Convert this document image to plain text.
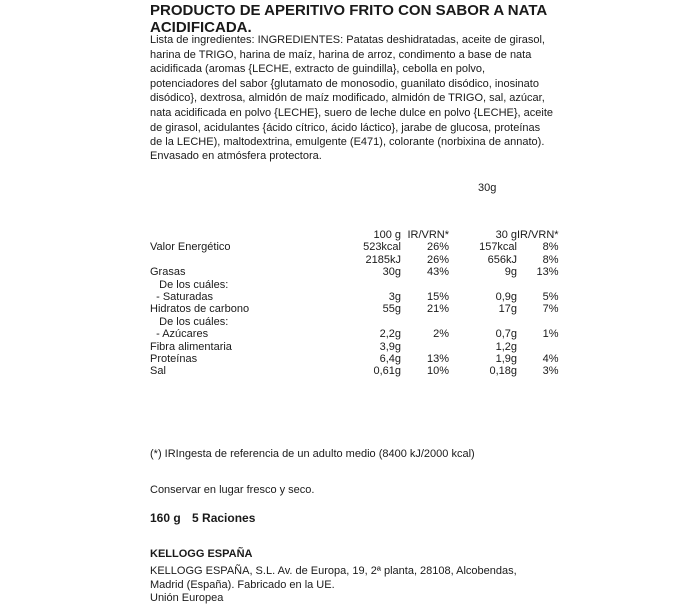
PRODUCTO DE APERITIVO FRITO CON SABOR A NATA ACIDIFICADA.
Lista de ingredientes: INGREDIENTES: Patatas deshidratadas, aceite de girasol, harina de TRIGO, harina de maíz, harina de arroz, condimento a base de nata acidificada (aromas {LECHE, extracto de guindilla}, cebolla en polvo, potenciadores del sabor {glutamato de monosodio, guanilato disódico, inosinato disódico}, dextrosa, almidón de maíz modificado, almidón de TRIGO, sal, azúcar, nata acidificada en polvo {LECHE}, suero de leche dulce en polvo {LECHE}, aceite de girasol, acidulantes {ácido cítrico, ácido láctico}, jarabe de glucosa, proteínas de la LECHE), maltodextrina, emulgente (E471), colorante (norbixina de annato).
Envasado en atmósfera protectora.
30g
	100 g	IR/VRN*	30 g	IR/VRN*
Valor Energético	523kcal	26%	157kcal	8%
	2185kJ	26%	656kJ	8%
Grasas	30g	43%	9g	13%
De los cuáles:				
- Saturadas	3g	15%	0,9g	5%
Hidratos de carbono	55g	21%	17g	7%
De los cuáles:				
- Azúcares	2,2g	2%	0,7g	1%
Fibra alimentaria	3,9g		1,2g	
Proteínas	6,4g	13%	1,9g	4%
Sal	0,61g	10%	0,18g	3%
(*) IRIngesta de referencia de un adulto medio (8400 kJ/2000 kcal)
Conservar en lugar fresco y seco.
160 g 5 Raciones
KELLOGG ESPAÑA
KELLOGG ESPAÑA, S.L. Av. de Europa, 19, 2ª planta, 28108, Alcobendas, Madrid (España). Fabricado en la UE.
Unión Europea
